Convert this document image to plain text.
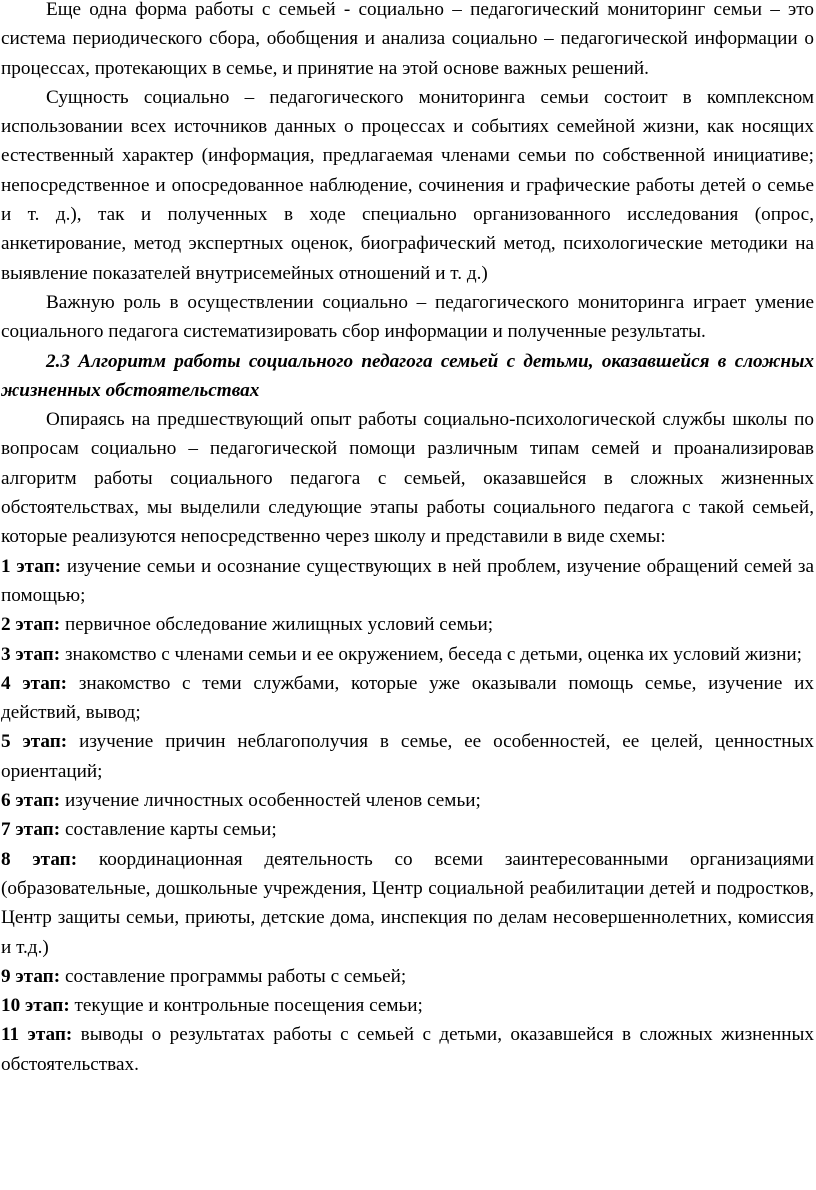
Еще одна форма работы с семьей - социально – педагогический мониторинг семьи – это система периодического сбора, обобщения и анализа социально – педагогической информации о процессах, протекающих в семье, и принятие на этой основе важных решений.

Сущность социально – педагогического мониторинга семьи состоит в комплексном использовании всех источников данных о процессах и событиях семейной жизни, как носящих естественный характер (информация, предлагаемая членами семьи по собственной инициативе; непосредственное и опосредованное наблюдение, сочинения и графические работы детей о семье и т. д.), так и полученных в ходе специально организованного исследования (опрос, анкетирование, метод экспертных оценок, биографический метод, психологические методики на выявление показателей внутрисемейных отношений и т. д.)

Важную роль в осуществлении социально – педагогического мониторинга играет умение социального педагога систематизировать сбор информации и полученные результаты.

2.3 Алгоритм работы социального педагога семьей с детьми, оказавшейся в сложных жизненных обстоятельствах

Опираясь на предшествующий опыт работы социально-психологической службы школы по вопросам социально – педагогической помощи различным типам семей и проанализировав алгоритм работы социального педагога с семьей, оказавшейся в сложных жизненных обстоятельствах, мы выделили следующие этапы работы социального педагога с такой семьей, которые реализуются непосредственно через школу и представили в виде схемы:

1 этап: изучение семьи и осознание существующих в ней проблем, изучение обращений семей за помощью;

2 этап: первичное обследование жилищных условий семьи;

3 этап: знакомство с членами семьи и ее окружением, беседа с детьми, оценка их условий жизни;

4 этап: знакомство с теми службами, которые уже оказывали помощь семье, изучение их действий, вывод;

5 этап: изучение причин неблагополучия в семье, ее особенностей, ее целей, ценностных ориентаций;

6 этап: изучение личностных особенностей членов семьи;

7 этап: составление карты семьи;

8 этап: координационная деятельность со всеми заинтересованными организациями (образовательные, дошкольные учреждения, Центр социальной реабилитации детей и подростков, Центр защиты семьи, приюты, детские дома, инспекция по делам несовершеннолетних, комиссия и т.д.)

9 этап: составление программы работы с семьей;

10 этап: текущие и контрольные посещения семьи;

11 этап: выводы о результатах работы с семьей с детьми, оказавшейся в сложных жизненных обстоятельствах.
